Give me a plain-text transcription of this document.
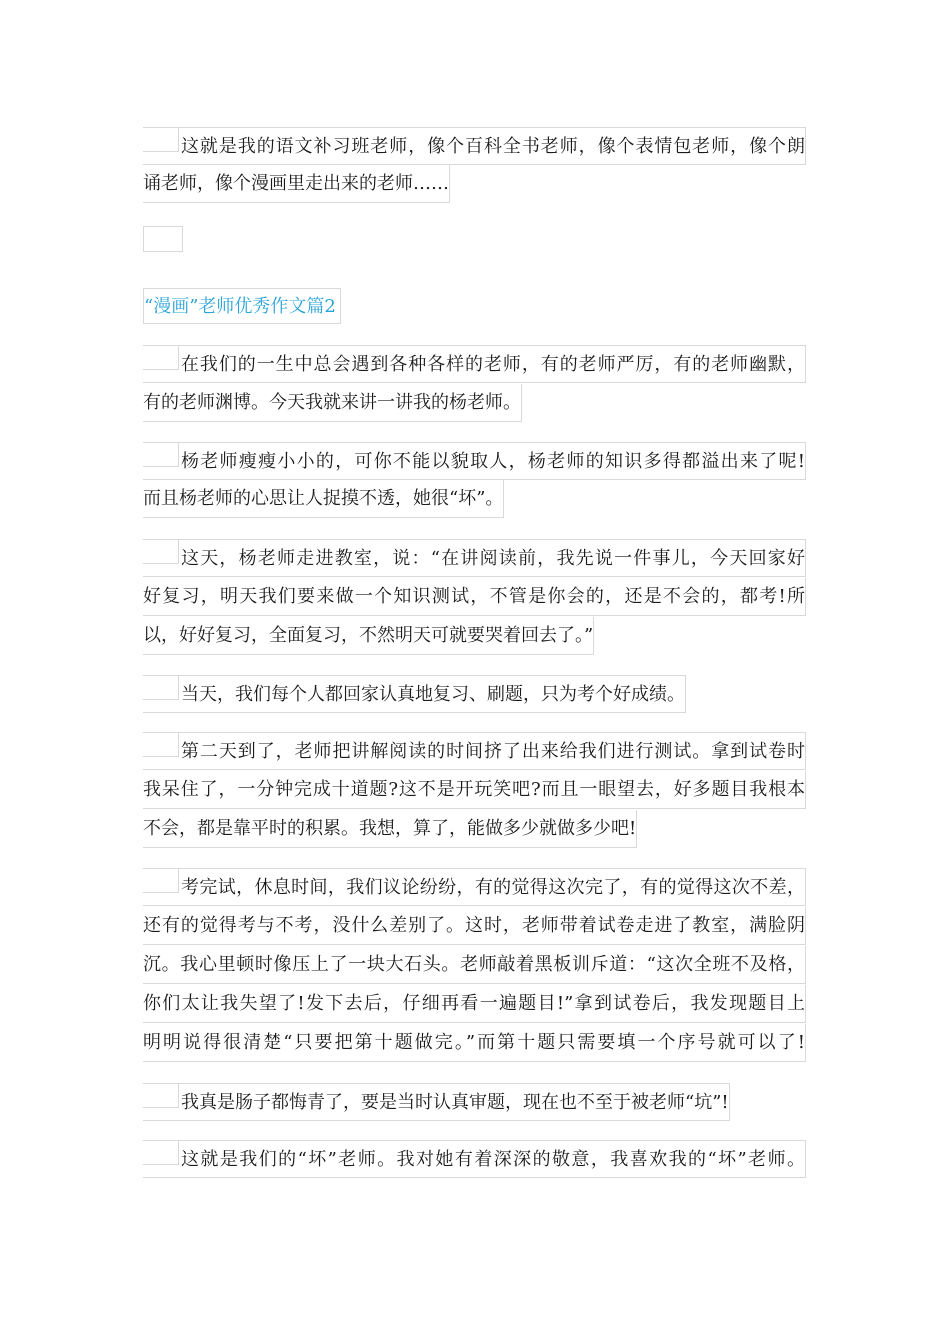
这就是我的语文补习班老师，像个百科全书老师，像个表情包老师，像个朗
诵老师，像个漫画里走出来的老师……
“漫画”老师优秀作文篇2
在我们的一生中总会遇到各种各样的老师，有的老师严厉，有的老师幽默，
有的老师渊博。今天我就来讲一讲我的杨老师。
杨老师瘦瘦小小的，可你不能以貌取人，杨老师的知识多得都溢出来了呢!
而且杨老师的心思让人捉摸不透，她很“坏”。
这天，杨老师走进教室，说：“在讲阅读前，我先说一件事儿，今天回家好
好复习，明天我们要来做一个知识测试，不管是你会的，还是不会的，都考!所
以，好好复习，全面复习，不然明天可就要哭着回去了。”
当天，我们每个人都回家认真地复习、刷题，只为考个好成绩。
第二天到了，老师把讲解阅读的时间挤了出来给我们进行测试。拿到试卷时
我呆住了，一分钟完成十道题?这不是开玩笑吧?而且一眼望去，好多题目我根本
不会，都是靠平时的积累。我想，算了，能做多少就做多少吧!
考完试，休息时间，我们议论纷纷，有的觉得这次完了，有的觉得这次不差，
还有的觉得考与不考，没什么差别了。这时，老师带着试卷走进了教室，满脸阴
沉。我心里顿时像压上了一块大石头。老师敲着黑板训斥道：“这次全班不及格，
你们太让我失望了!发下去后，仔细再看一遍题目!”拿到试卷后，我发现题目上
明明说得很清楚“只要把第十题做完。”而第十题只需要填一个序号就可以了!
我真是肠子都悔青了，要是当时认真审题，现在也不至于被老师“坑”!
这就是我们的“坏”老师。我对她有着深深的敬意，我喜欢我的“坏”老师。
